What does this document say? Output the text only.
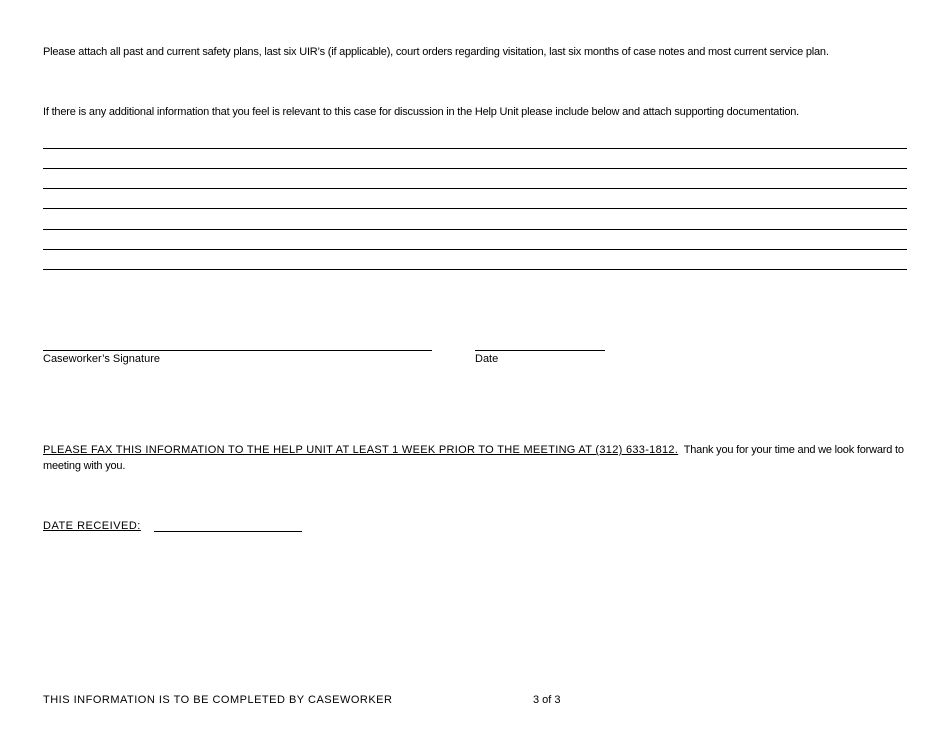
Please attach all past and current safety plans, last six UIR’s (if applicable), court orders regarding visitation, last six months of case notes and most current service plan.
If there is any additional information that you feel is relevant to this case for discussion in the Help Unit please include below and attach supporting documentation.
Caseworker’s Signature	Date
PLEASE FAX THIS INFORMATION TO THE HELP UNIT AT LEAST 1 WEEK PRIOR TO THE MEETING AT (312) 633-1812. Thank you for your time and we look forward to meeting with you.
DATE RECEIVED:
THIS INFORMATION IS TO BE COMPLETED BY CASEWORKER	3 of 3
